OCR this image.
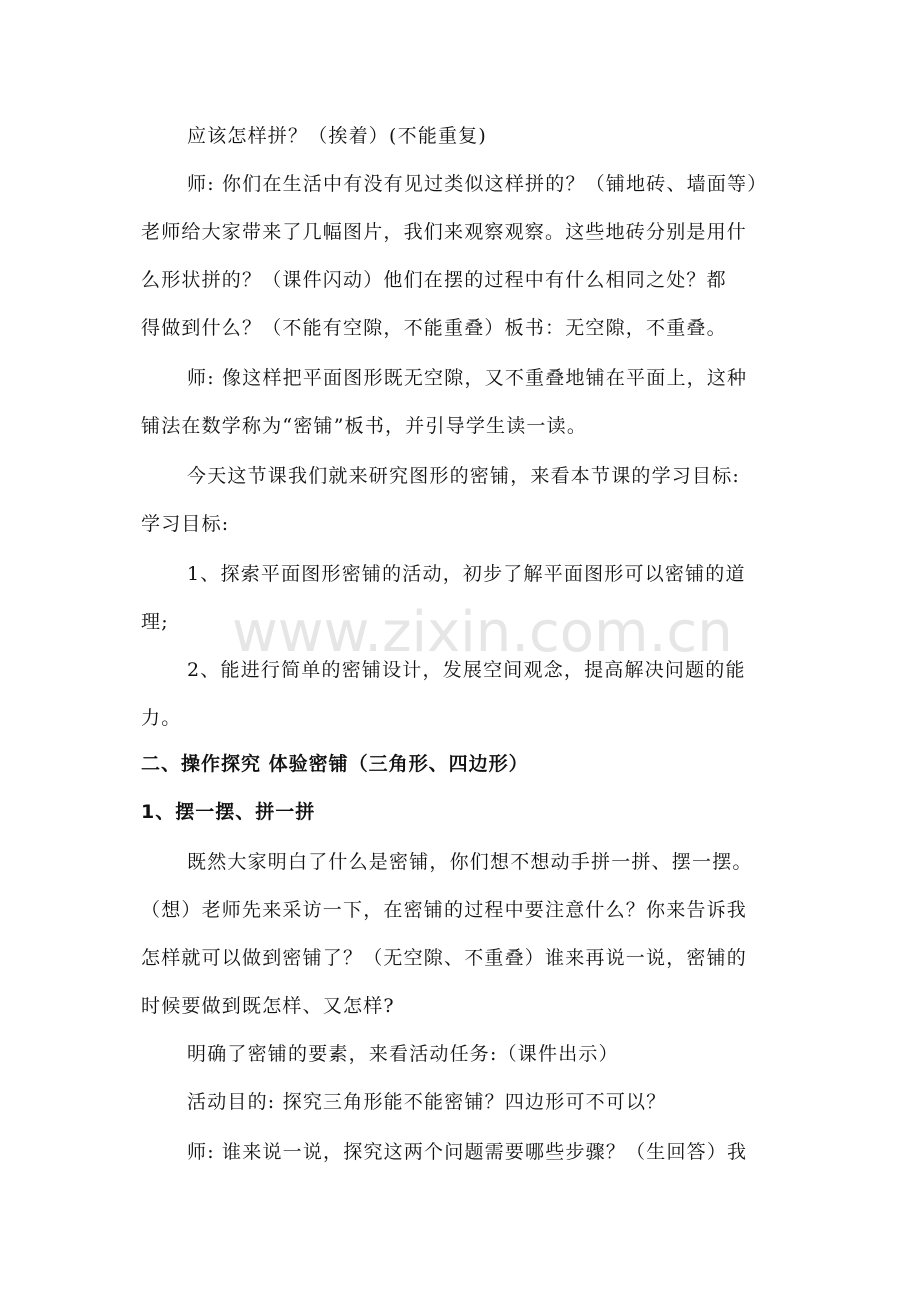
www.zixin.com.cn
应该怎样拼？（挨着）(不能重复)
师: 你们在生活中有没有见过类似这样拼的？（铺地砖、墙面等）
老师给大家带来了几幅图片，我们来观察观察。这些地砖分别是用什
么形状拼的？（课件闪动）他们在摆的过程中有什么相同之处？都
得做到什么？（不能有空隙，不能重叠）板书：无空隙，不重叠。
师: 像这样把平面图形既无空隙，又不重叠地铺在平面上，这种
铺法在数学称为“密铺”板书，并引导学生读一读。
今天这节课我们就来研究图形的密铺，来看本节课的学习目标:
学习目标:
1、探索平面图形密铺的活动，初步了解平面图形可以密铺的道
理;
2、能进行简单的密铺设计，发展空间观念，提高解决问题的能
力。
二、操作探究 体验密铺（三角形、四边形）
1、摆一摆、拼一拼
既然大家明白了什么是密铺，你们想不想动手拼一拼、摆一摆。
（想）老师先来采访一下，在密铺的过程中要注意什么？你来告诉我
怎样就可以做到密铺了？（无空隙、不重叠）谁来再说一说，密铺的
时候要做到既怎样、又怎样?
明确了密铺的要素，来看活动任务:（课件出示）
活动目的: 探究三角形能不能密铺？四边形可不可以？
师: 谁来说一说，探究这两个问题需要哪些步骤？（生回答）我
